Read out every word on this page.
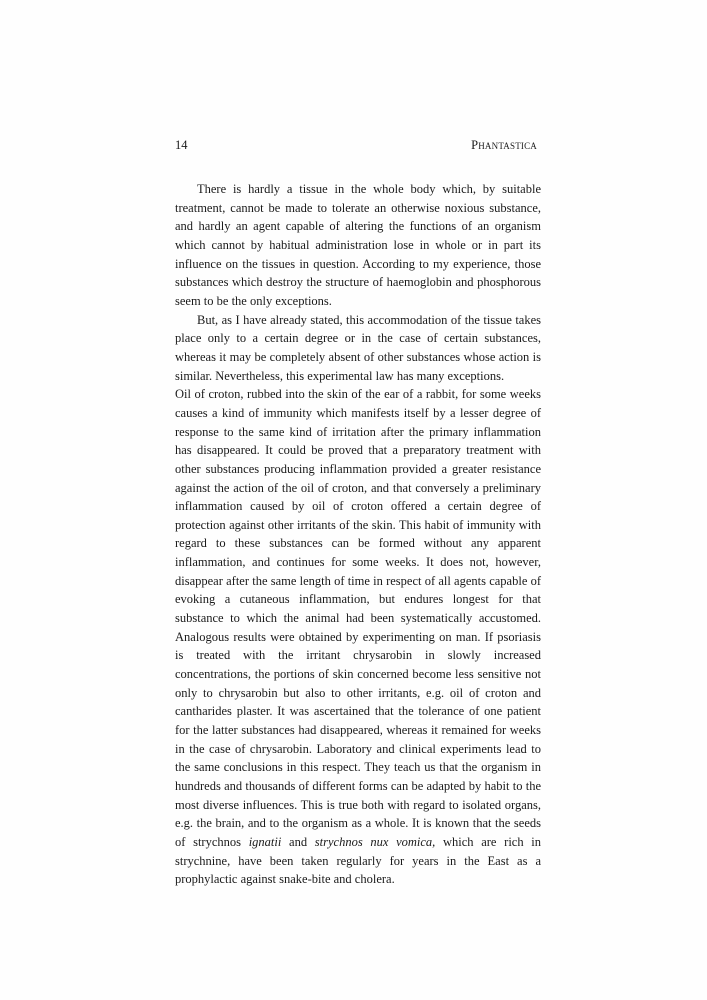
14	Phantastica

There is hardly a tissue in the whole body which, by suitable treatment, cannot be made to tolerate an otherwise noxious substance, and hardly an agent capable of altering the functions of an organism which cannot by habitual administration lose in whole or in part its influence on the tissues in question. According to my experience, those substances which destroy the structure of haemoglobin and phosphorous seem to be the only exceptions.

But, as I have already stated, this accommodation of the tissue takes place only to a certain degree or in the case of certain substances, whereas it may be completely absent of other substances whose action is similar. Nevertheless, this experimental law has many exceptions.

Oil of croton, rubbed into the skin of the ear of a rabbit, for some weeks causes a kind of immunity which manifests itself by a lesser degree of response to the same kind of irritation after the primary inflammation has disappeared. It could be proved that a preparatory treatment with other substances producing inflammation provided a greater resistance against the action of the oil of croton, and that conversely a preliminary inflammation caused by oil of croton offered a certain degree of protection against other irritants of the skin. This habit of immunity with regard to these substances can be formed without any apparent inflammation, and continues for some weeks. It does not, however, disappear after the same length of time in respect of all agents capable of evoking a cutaneous inflammation, but endures longest for that substance to which the animal had been systematically accustomed. Analogous results were obtained by experimenting on man. If psoriasis is treated with the irritant chrysarobin in slowly increased concentrations, the portions of skin concerned become less sensitive not only to chrysarobin but also to other irritants, e.g. oil of croton and cantharides plaster. It was ascertained that the tolerance of one patient for the latter substances had disappeared, whereas it remained for weeks in the case of chrysarobin. Laboratory and clinical experiments lead to the same conclusions in this respect. They teach us that the organism in hundreds and thousands of different forms can be adapted by habit to the most diverse influences. This is true both with regard to isolated organs, e.g. the brain, and to the organism as a whole. It is known that the seeds of strychnos ignatii and strychnos nux vomica, which are rich in strychnine, have been taken regularly for years in the East as a prophylactic against snake-bite and cholera.
